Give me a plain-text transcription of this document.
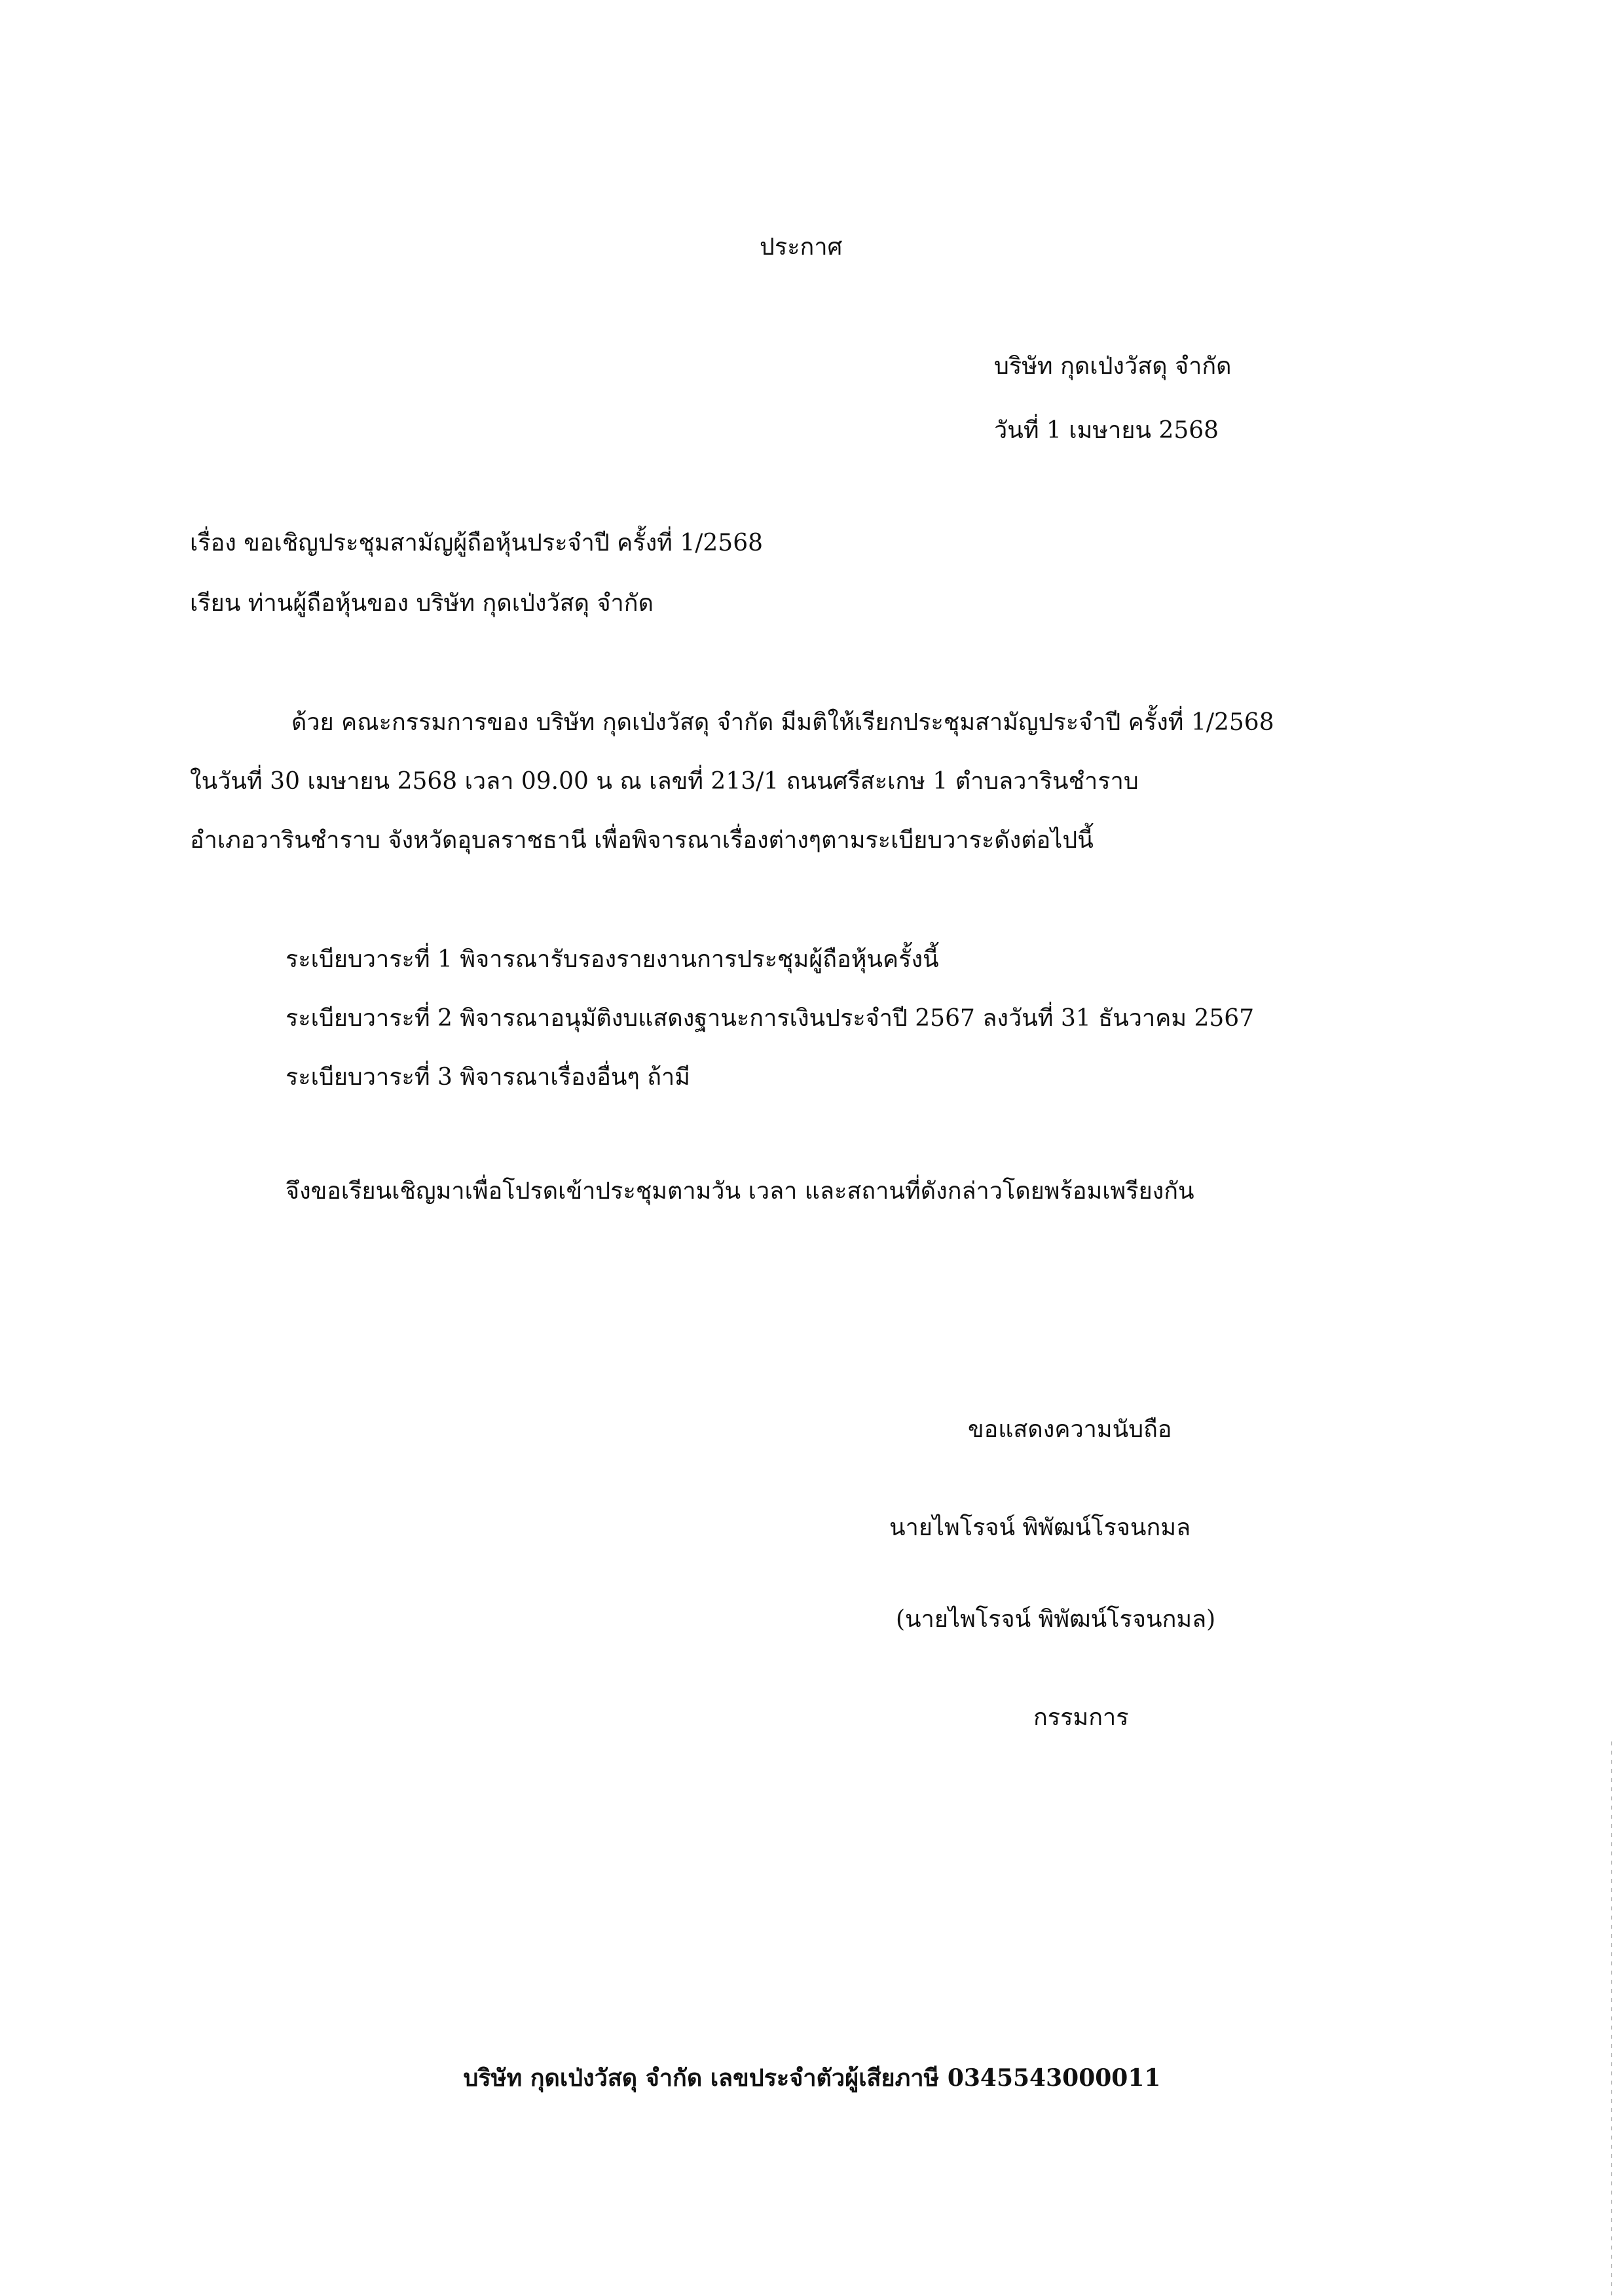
ประกาศ
บริษัท กุดเป่งวัสดุ จำกัด
วันที่ 1 เมษายน 2568
เรื่อง ขอเชิญประชุมสามัญผู้ถือหุ้นประจำปี ครั้งที่ 1/2568
เรียน ท่านผู้ถือหุ้นของ บริษัท กุดเป่งวัสดุ จำกัด
ด้วย คณะกรรมการของ บริษัท กุดเป่งวัสดุ จำกัด มีมติให้เรียกประชุมสามัญประจำปี ครั้งที่ 1/2568
ในวันที่ 30 เมษายน 2568 เวลา 09.00 น ณ เลขที่ 213/1 ถนนศรีสะเกษ 1 ตำบลวารินชำราบ
อำเภอวารินชำราบ จังหวัดอุบลราชธานี เพื่อพิจารณาเรื่องต่างๆตามระเบียบวาระดังต่อไปนี้
ระเบียบวาระที่ 1 พิจารณารับรองรายงานการประชุมผู้ถือหุ้นครั้งนี้
ระเบียบวาระที่ 2 พิจารณาอนุมัติงบแสดงฐานะการเงินประจำปี 2567 ลงวันที่ 31 ธันวาคม 2567
ระเบียบวาระที่ 3 พิจารณาเรื่องอื่นๆ ถ้ามี
จึงขอเรียนเชิญมาเพื่อโปรดเข้าประชุมตามวัน เวลา และสถานที่ดังกล่าวโดยพร้อมเพรียงกัน
ขอแสดงความนับถือ
นายไพโรจน์ พิพัฒน์โรจนกมล
(นายไพโรจน์ พิพัฒน์โรจนกมล)
กรรมการ
บริษัท กุดเป่งวัสดุ จำกัด เลขประจำตัวผู้เสียภาษี 0345543000011
